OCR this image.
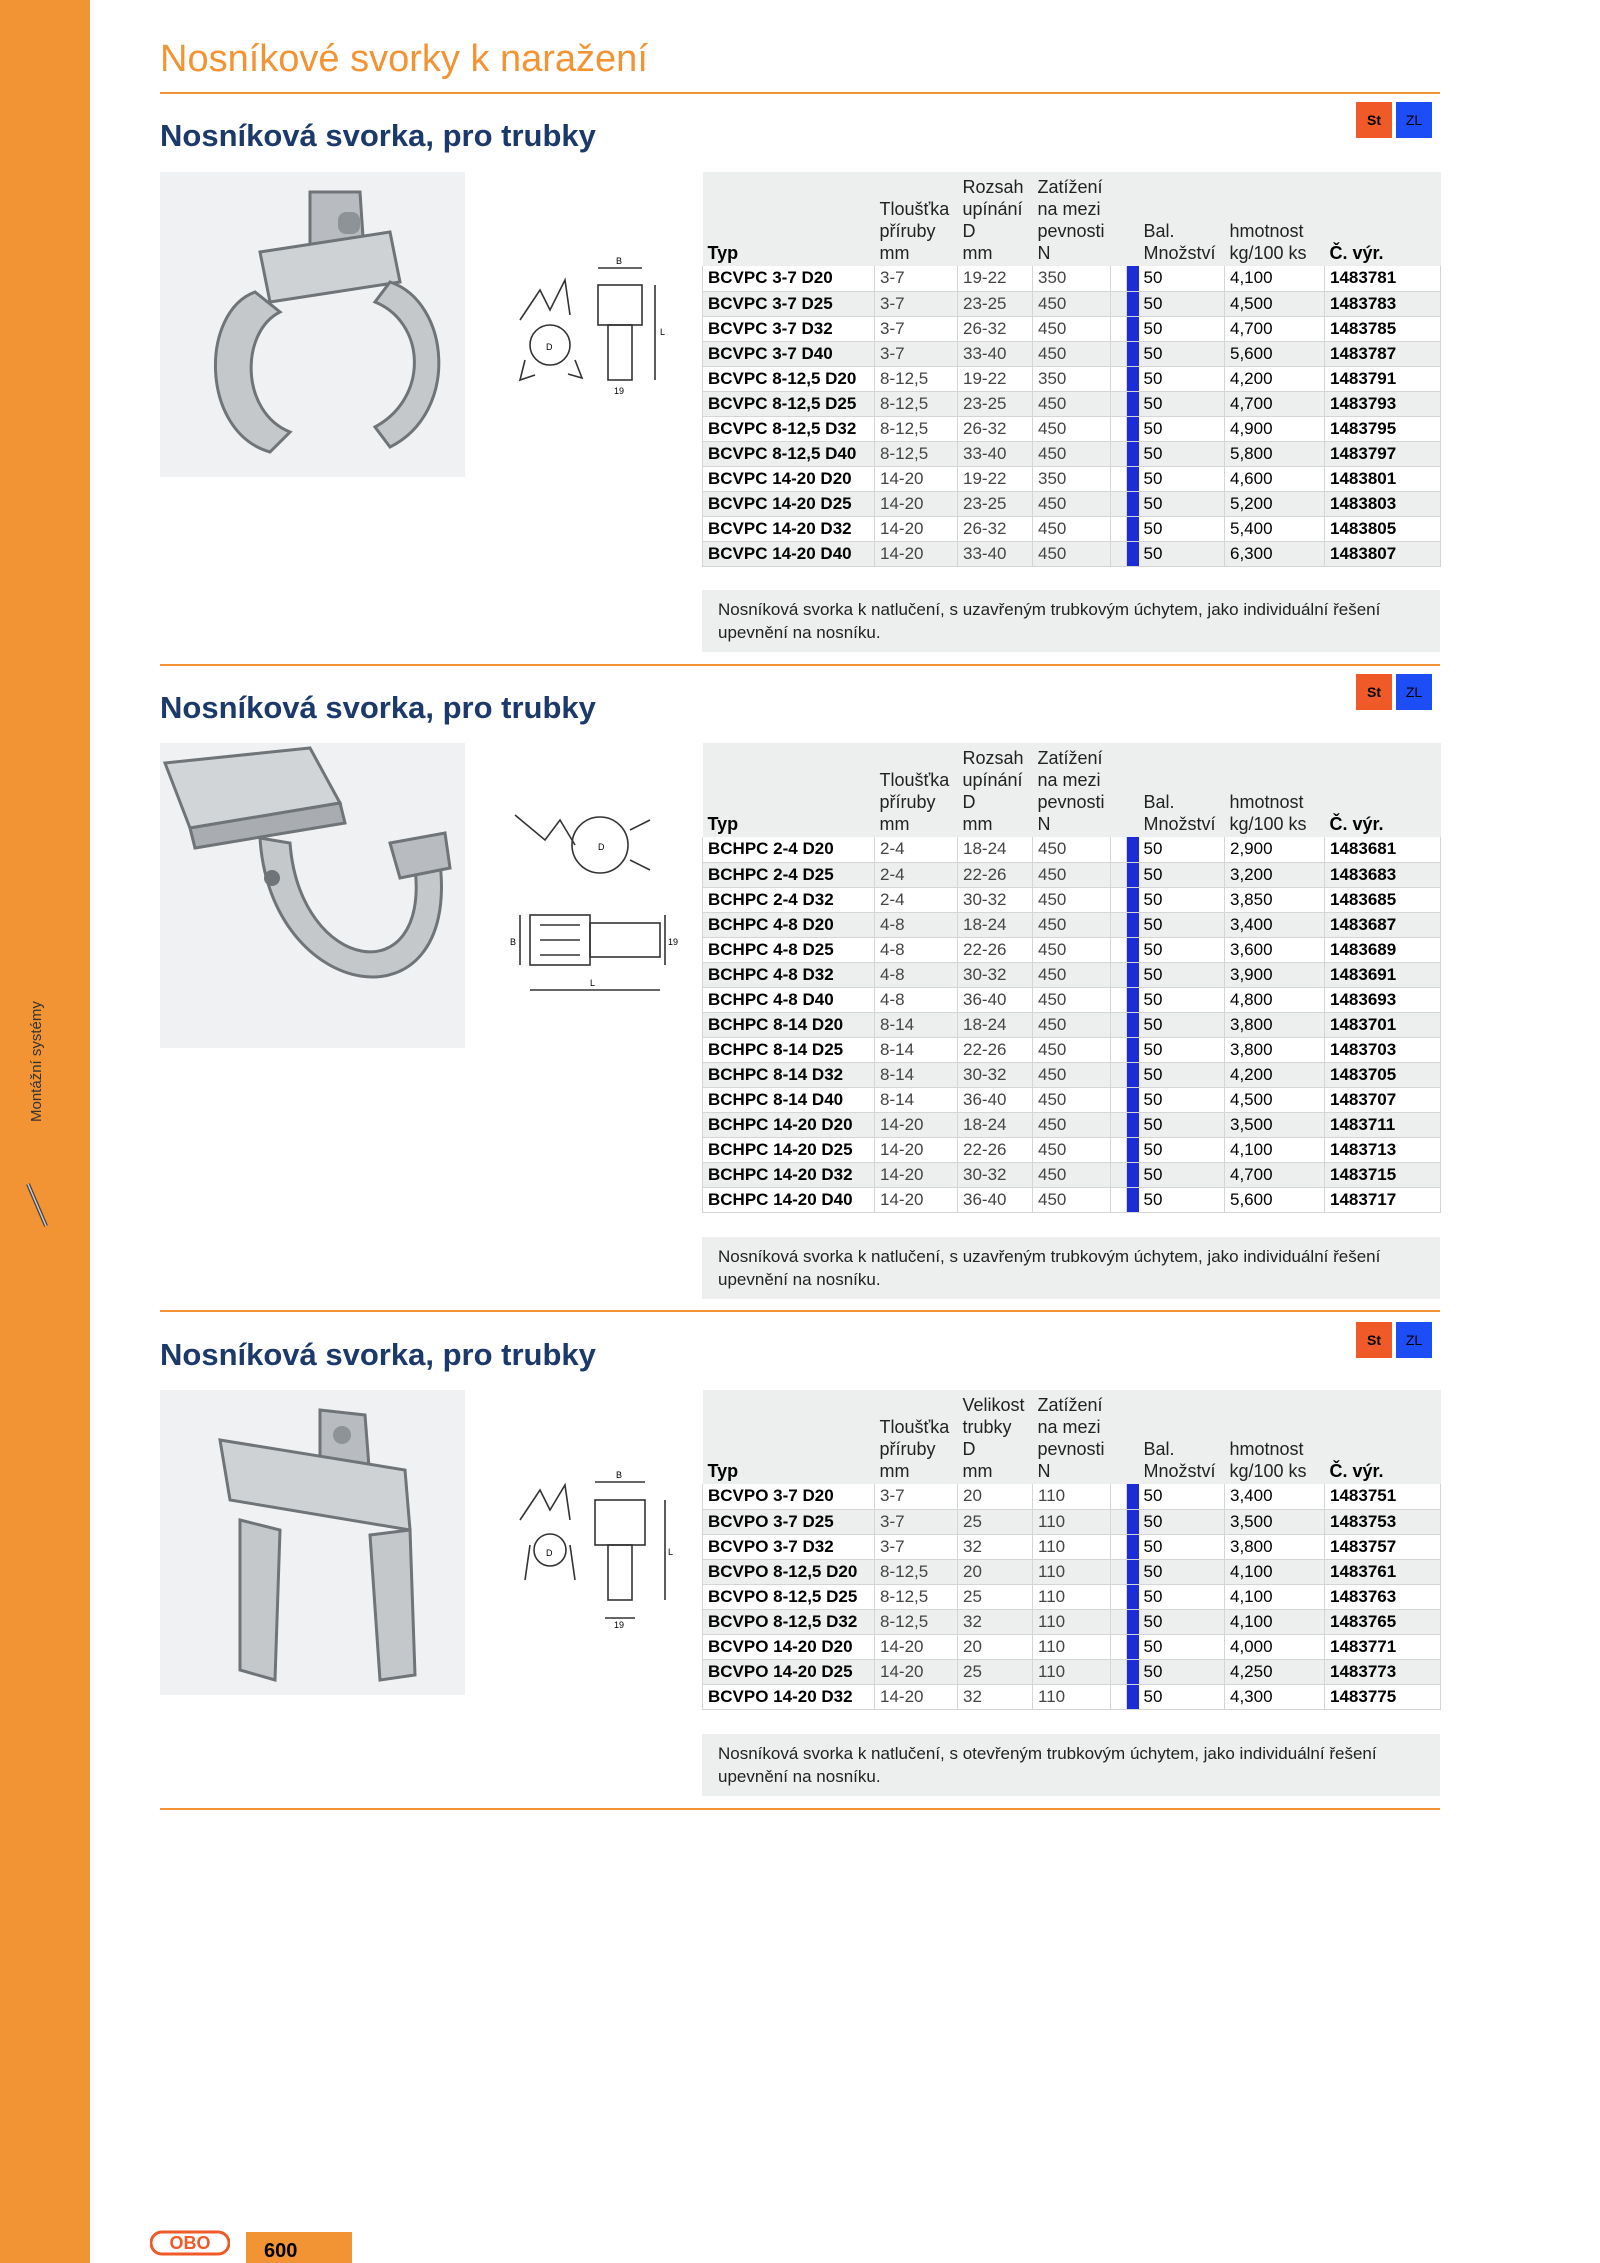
Montážní systémy
Nosníkové svorky k naražení
Nosníková svorka, pro trubky	St	ZL
B
D
L
19
Typ	Tloušťka
příruby
mm	Rozsah
upínání
D
mm	Zatížení
na mezi
pevnosti
N			Bal.
Množství	hmotnost
kg/100 ks	Č. výr.
BCVPC 3-7 D20	3-7	19-22	350			50	4,100	1483781
BCVPC 3-7 D25	3-7	23-25	450			50	4,500	1483783
BCVPC 3-7 D32	3-7	26-32	450			50	4,700	1483785
BCVPC 3-7 D40	3-7	33-40	450			50	5,600	1483787
BCVPC 8-12,5 D20	8-12,5	19-22	350			50	4,200	1483791
BCVPC 8-12,5 D25	8-12,5	23-25	450			50	4,700	1483793
BCVPC 8-12,5 D32	8-12,5	26-32	450			50	4,900	1483795
BCVPC 8-12,5 D40	8-12,5	33-40	450			50	5,800	1483797
BCVPC 14-20 D20	14-20	19-22	350			50	4,600	1483801
BCVPC 14-20 D25	14-20	23-25	450			50	5,200	1483803
BCVPC 14-20 D32	14-20	26-32	450			50	5,400	1483805
BCVPC 14-20 D40	14-20	33-40	450			50	6,300	1483807
Nosníková svorka k natlučení, s uzavřeným trubkovým úchytem, jako individuální řešení upevnění na nosníku.
Nosníková svorka, pro trubky	St	ZL
B
D
L
19
Typ	Tloušťka
příruby
mm	Rozsah
upínání
D
mm	Zatížení
na mezi
pevnosti
N			Bal.
Množství	hmotnost
kg/100 ks	Č. výr.
BCHPC 2-4 D20	2-4	18-24	450			50	2,900	1483681
BCHPC 2-4 D25	2-4	22-26	450			50	3,200	1483683
BCHPC 2-4 D32	2-4	30-32	450			50	3,850	1483685
BCHPC 4-8 D20	4-8	18-24	450			50	3,400	1483687
BCHPC 4-8 D25	4-8	22-26	450			50	3,600	1483689
BCHPC 4-8 D32	4-8	30-32	450			50	3,900	1483691
BCHPC 4-8 D40	4-8	36-40	450			50	4,800	1483693
BCHPC 8-14 D20	8-14	18-24	450			50	3,800	1483701
BCHPC 8-14 D25	8-14	22-26	450			50	3,800	1483703
BCHPC 8-14 D32	8-14	30-32	450			50	4,200	1483705
BCHPC 8-14 D40	8-14	36-40	450			50	4,500	1483707
BCHPC 14-20 D20	14-20	18-24	450			50	3,500	1483711
BCHPC 14-20 D25	14-20	22-26	450			50	4,100	1483713
BCHPC 14-20 D32	14-20	30-32	450			50	4,700	1483715
BCHPC 14-20 D40	14-20	36-40	450			50	5,600	1483717
Nosníková svorka k natlučení, s uzavřeným trubkovým úchytem, jako individuální řešení upevnění na nosníku.
Nosníková svorka, pro trubky	St	ZL
B
D	L
19
Typ	Tloušťka
příruby
mm	Velikost
trubky D
mm	Zatížení
na mezi
pevnosti
N			Bal.
Množství	hmotnost
kg/100 ks	Č. výr.
BCVPO 3-7 D20	3-7	20	110			50	3,400	1483751
BCVPO 3-7 D25	3-7	25	110			50	3,500	1483753
BCVPO 3-7 D32	3-7	32	110			50	3,800	1483757
BCVPO 8-12,5 D20	8-12,5	20	110			50	4,100	1483761
BCVPO 8-12,5 D25	8-12,5	25	110			50	4,100	1483763
BCVPO 8-12,5 D32	8-12,5	32	110			50	4,100	1483765
BCVPO 14-20 D20	14-20	20	110			50	4,000	1483771
BCVPO 14-20 D25	14-20	25	110			50	4,250	1483773
BCVPO 14-20 D32	14-20	32	110			50	4,300	1483775
Nosníková svorka k natlučení, s otevřeným trubkovým úchytem, jako individuální řešení upevnění na nosníku.
OBO	600
